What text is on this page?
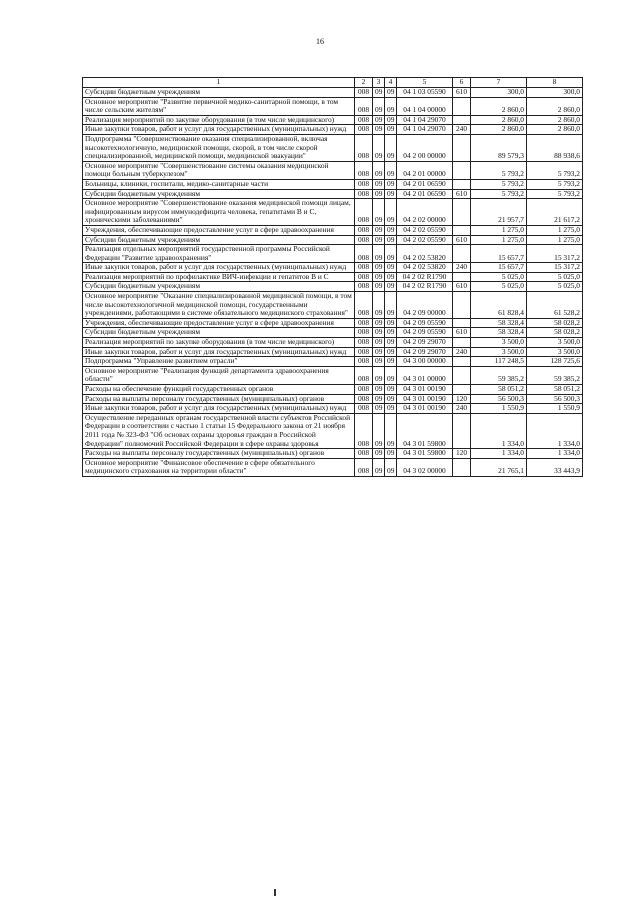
16
1	2	3	4	5	6	7	8
Субсидии бюджетным учреждениям	008	09	09	04 1 03 05590	610	300,0	300,0
Основное мероприятие "Развитие первичной медико-санитарной помощи, в том числе сельским жителям"	008	09	09	04 1 04 00000		2 860,0	2 860,0
Реализация мероприятий по закупке оборудования (в том числе медицинского)	008	09	09	04 1 04 29070		2 860,0	2 860,0
Иные закупки товаров, работ и услуг для государственных (муниципальных) нужд	008	09	09	04 1 04 29070	240	2 860,0	2 860,0
Подпрограмма "Совершенствование оказания специализированной, включая высокотехнологичную, медицинской помощи, скорой, в том числе скорой специализированной, медицинской помощи, медицинской эвакуации"	008	09	09	04 2 00 00000		89 579,3	88 938,6
Основное мероприятие "Совершенствование системы оказания медицинской помощи больным туберкулезом"	008	09	09	04 2 01 00000		5 793,2	5 793,2
Больницы, клиники, госпитали, медико-санитарные части	008	09	09	04 2 01 06590		5 793,2	5 793,2
Субсидии бюджетным учреждениям	008	09	09	04 2 01 06590	610	5 793,2	5 793,2
Основное мероприятие "Совершенствование оказания медицинской помощи лицам, инфицированным вирусом иммунодефицита человека, гепатитами В и С, хроническими заболеваниями"	008	09	09	04 2 02 00000		21 957,7	21 617,2
Учреждения, обеспечивающие предоставление услуг в сфере здравоохранения	008	09	09	04 2 02 05590		1 275,0	1 275,0
Субсидии бюджетным учреждениям	008	09	09	04 2 02 05590	610	1 275,0	1 275,0
Реализация отдельных мероприятий государственной программы Российской Федерации "Развитие здравоохранения"	008	09	09	04 2 02 53820		15 657,7	15 317,2
Иные закупки товаров, работ и услуг для государственных (муниципальных) нужд	008	09	09	04 2 02 53820	240	15 657,7	15 317,2
Реализация мероприятий по профилактике ВИЧ-инфекции и гепатитов В и С	008	09	09	04 2 02 R1790		5 025,0	5 025,0
Субсидии бюджетным учреждениям	008	09	09	04 2 02 R1790	610	5 025,0	5 025,0
Основное мероприятие "Оказание специализированной медицинской помощи, в том числе высокотехнологичной медицинской помощи, государственными учреждениями, работающими в системе обязательного медицинского страхования"	008	09	09	04 2 09 00000		61 828,4	61 528,2
Учреждения, обеспечивающие предоставление услуг в сфере здравоохранения	008	09	09	04 2 09 05590		58 328,4	58 028,2
Субсидии бюджетным учреждениям	008	09	09	04 2 09 05590	610	58 328,4	58 028,2
Реализация мероприятий по закупке оборудования (в том числе медицинского)	008	09	09	04 2 09 29070		3 500,0	3 500,0
Иные закупки товаров, работ и услуг для государственных (муниципальных) нужд	008	09	09	04 2 09 29070	240	3 500,0	3 500,0
Подпрограмма "Управление развитием отрасли"	008	09	09	04 3 00 00000		117 248,5	128 725,6
Основное мероприятие "Реализация функций департамента здравоохранения области"	008	09	09	04 3 01 00000		59 385,2	59 385,2
Расходы на обеспечение функций государственных органов	008	09	09	04 3 01 00190		58 051,2	58 051,2
Расходы на выплаты персоналу государственных (муниципальных) органов	008	09	09	04 3 01 00190	120	56 500,3	56 500,3
Иные закупки товаров, работ и услуг для государственных (муниципальных) нужд	008	09	09	04 3 01 00190	240	1 550,9	1 550,9
Осуществление переданных органам государственной власти субъектов Российской Федерации в соответствии с частью 1 статьи 15 Федерального закона от 21 ноября 2011 года № 323-ФЗ "Об основах охраны здоровья граждан в Российской Федерации" полномочий Российской Федерации в сфере охраны здоровья	008	09	09	04 3 01 59800		1 334,0	1 334,0
Расходы на выплаты персоналу государственных (муниципальных) органов	008	09	09	04 3 01 59800	120	1 334,0	1 334,0
Основное мероприятие "Финансовое обеспечение в сфере обязательного медицинского страхования на территории области"	008	09	09	04 3 02 00000		21 765,1	33 443,9
